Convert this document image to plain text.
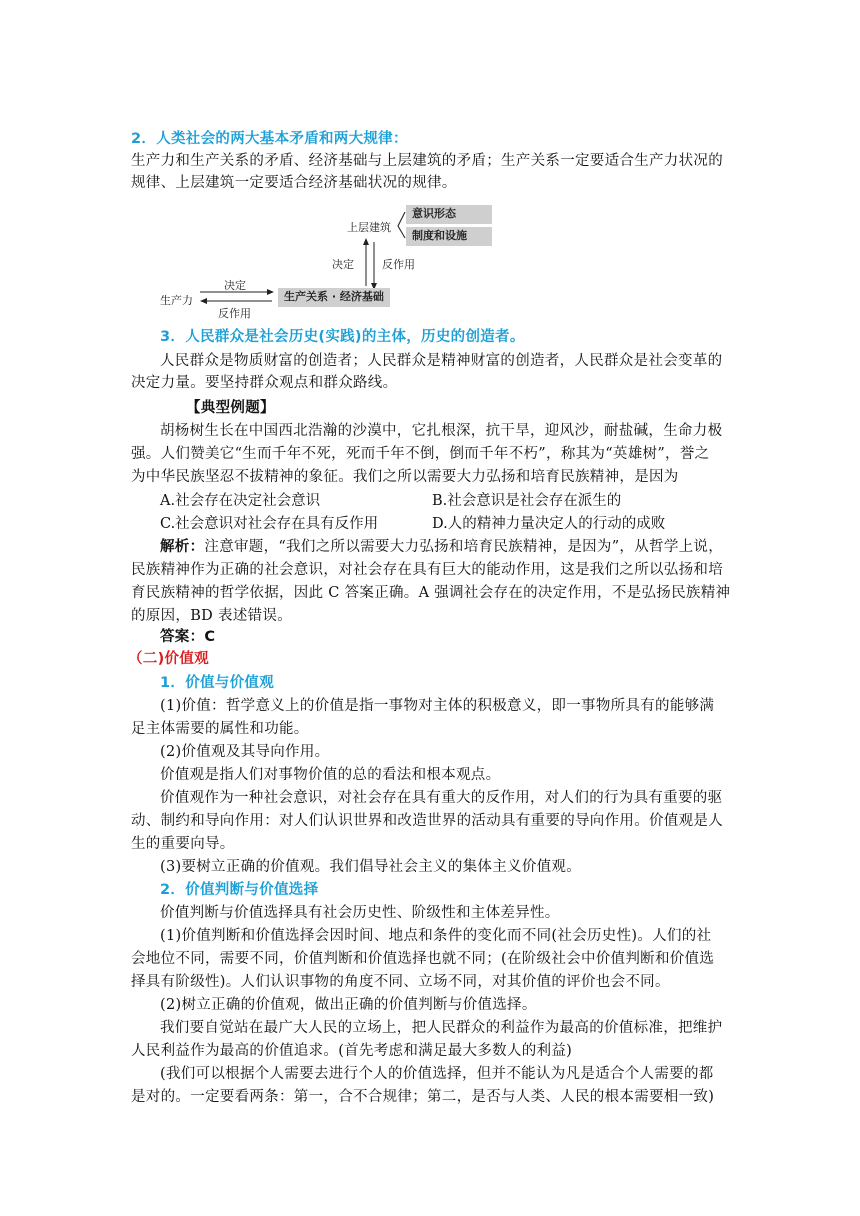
2．人类社会的两大基本矛盾和两大规律：
生产力和生产关系的矛盾、经济基础与上层建筑的矛盾；生产关系一定要适合生产力状况的
规律、上层建筑一定要适合经济基础状况的规律。
上层建筑
意识形态
制度和设施
决定	反作用
决定
生产力	生产关系 · 经济基础
反作用
3．人民群众是社会历史(实践)的主体，历史的创造者。
人民群众是物质财富的创造者；人民群众是精神财富的创造者，人民群众是社会变革的
决定力量。要坚持群众观点和群众路线。
【典型例题】
胡杨树生长在中国西北浩瀚的沙漠中，它扎根深，抗干旱，迎风沙，耐盐碱，生命力极
强。人们赞美它“生而千年不死，死而千年不倒，倒而千年不朽”，称其为“英雄树”，誉之
为中华民族坚忍不拔精神的象征。我们之所以需要大力弘扬和培育民族精神，是因为
A.社会存在决定社会意识	B.社会意识是社会存在派生的
C.社会意识对社会存在具有反作用	D.人的精神力量决定人的行动的成败
解析：注意审题，“我们之所以需要大力弘扬和培育民族精神，是因为”，从哲学上说，
民族精神作为正确的社会意识，对社会存在具有巨大的能动作用，这是我们之所以弘扬和培
育民族精神的哲学依据，因此 C 答案正确。A 强调社会存在的决定作用，不是弘扬民族精神
的原因，BD 表述错误。
答案：C
（二)价值观
1．价值与价值观
(1)价值：哲学意义上的价值是指一事物对主体的积极意义，即一事物所具有的能够满
足主体需要的属性和功能。
(2)价值观及其导向作用。
价值观是指人们对事物价值的总的看法和根本观点。
价值观作为一种社会意识，对社会存在具有重大的反作用，对人们的行为具有重要的驱
动、制约和导向作用：对人们认识世界和改造世界的活动具有重要的导向作用。价值观是人
生的重要向导。
(3)要树立正确的价值观。我们倡导社会主义的集体主义价值观。
2．价值判断与价值选择
价值判断与价值选择具有社会历史性、阶级性和主体差异性。
(1)价值判断和价值选择会因时间、地点和条件的变化而不同(社会历史性)。人们的社
会地位不同，需要不同，价值判断和价值选择也就不同；(在阶级社会中价值判断和价值选
择具有阶级性)。人们认识事物的角度不同、立场不同，对其价值的评价也会不同。
(2)树立正确的价值观，做出正确的价值判断与价值选择。
我们要自觉站在最广大人民的立场上，把人民群众的利益作为最高的价值标准，把维护
人民利益作为最高的价值追求。(首先考虑和满足最大多数人的利益)
(我们可以根据个人需要去进行个人的价值选择，但并不能认为凡是适合个人需要的都
是对的。一定要看两条：第一，合不合规律；第二，是否与人类、人民的根本需要相一致)
